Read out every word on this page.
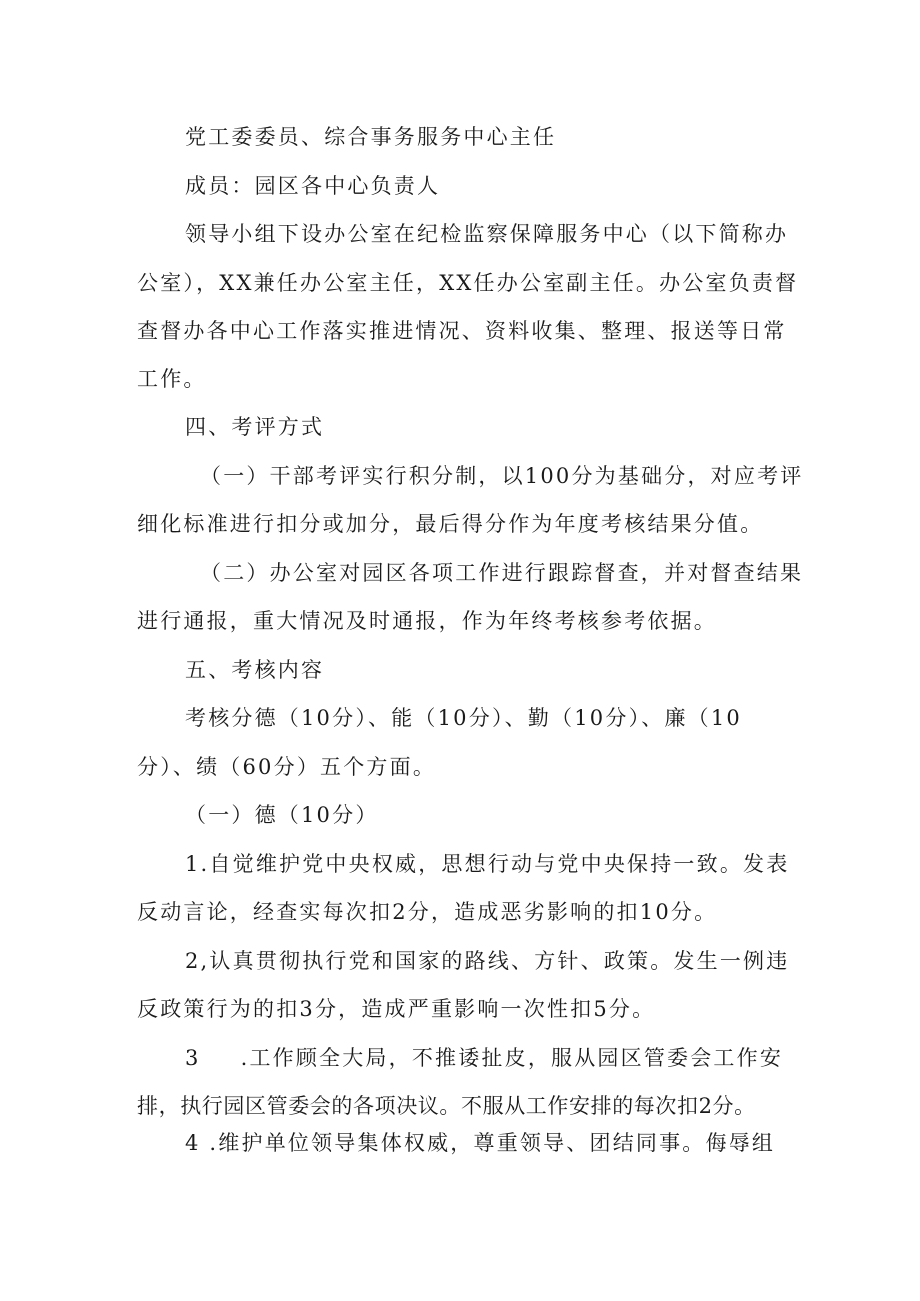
党工委委员、综合事务服务中心主任
成员：园区各中心负责人
领导小组下设办公室在纪检监察保障服务中心（以下简称办
公室），XX兼任办公室主任，XX任办公室副主任。办公室负责督
查督办各中心工作落实推进情况、资料收集、整理、报送等日常
工作。
四、考评方式
（一）干部考评实行积分制，以100分为基础分，对应考评
细化标准进行扣分或加分，最后得分作为年度考核结果分值。
（二）办公室对园区各项工作进行跟踪督查，并对督查结果
进行通报，重大情况及时通报，作为年终考核参考依据。
五、考核内容
考核分德（10分）、能（10分）、勤（10分）、廉（10
分）、绩（60分）五个方面。
（一）德（10分）
1.自觉维护党中央权威，思想行动与党中央保持一致。发表
反动言论，经查实每次扣2分，造成恶劣影响的扣10分。
2,认真贯彻执行党和国家的路线、方针、政策。发生一例违
反政策行为的扣3分，造成严重影响一次性扣5分。
3 .工作顾全大局，不推诿扯皮，服从园区管委会工作安
排，执行园区管委会的各项决议。不服从工作安排的每次扣2分。
4 .维护单位领导集体权威，尊重领导、团结同事。侮辱组
